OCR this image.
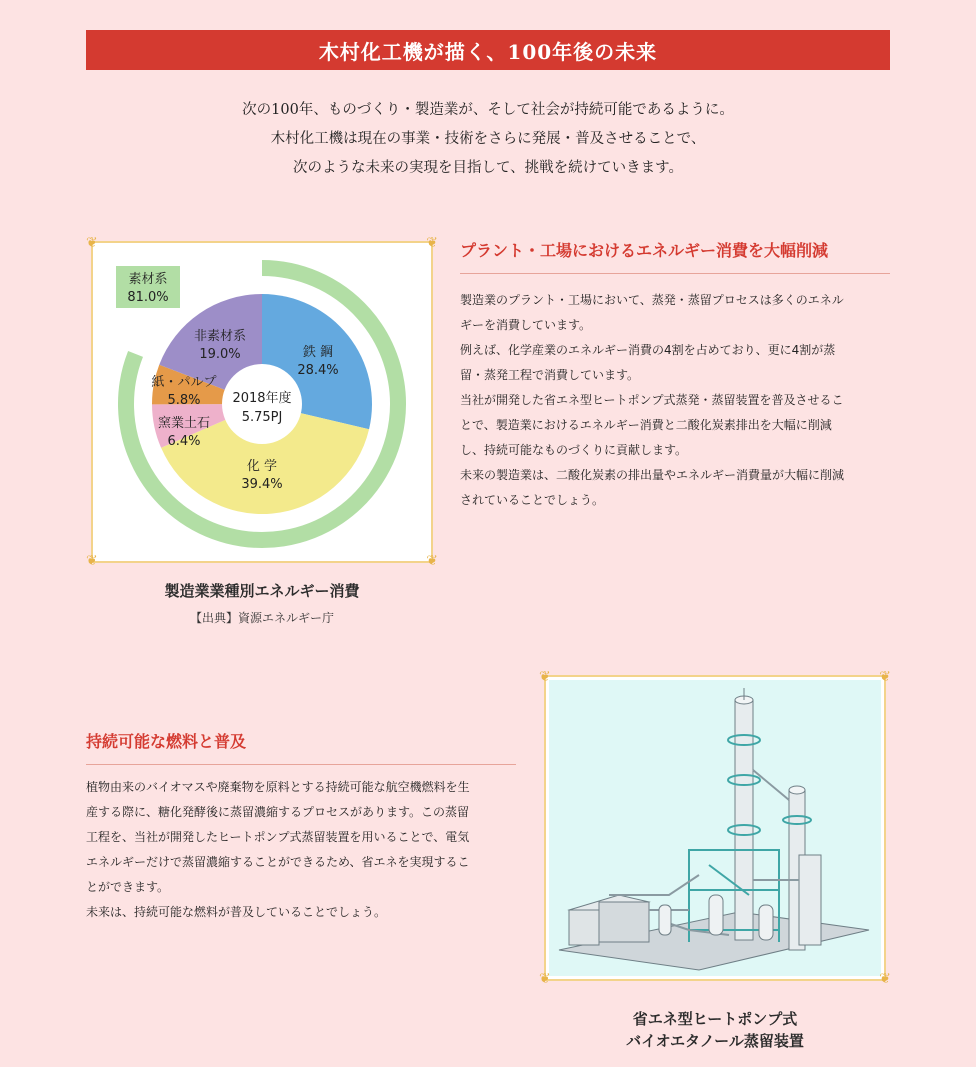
木村化工機が描く、100年後の未来
次の100年、ものづくり・製造業が、そして社会が持続可能であるように。
木村化工機は現在の事業・技術をさらに発展・普及させることで、
次のような未来の実現を目指して、挑戦を続けていきます。
❦	❦
❦	❦
素材系
81.0%
2018年度
5.75PJ
鉄 鋼
28.4%
化 学
39.4%
窯業土石
6.4%
紙・パルプ
5.8%
非素材系
19.0%
製造業業種別エネルギー消費
【出典】資源エネルギー庁
プラント・工場におけるエネルギー消費を大幅削減
製造業のプラント・工場において、蒸発・蒸留プロセスは多くのエネル
ギーを消費しています。
例えば、化学産業のエネルギー消費の4割を占めており、更に4割が蒸
留・蒸発工程で消費しています。
当社が開発した省エネ型ヒートポンプ式蒸発・蒸留装置を普及させるこ
とで、製造業におけるエネルギー消費と二酸化炭素排出を大幅に削減
し、持続可能なものづくりに貢献します。
未来の製造業は、二酸化炭素の排出量やエネルギー消費量が大幅に削減
されていることでしょう。
持続可能な燃料と普及
植物由来のバイオマスや廃棄物を原料とする持続可能な航空機燃料を生
産する際に、糖化発酵後に蒸留濃縮するプロセスがあります。この蒸留
工程を、当社が開発したヒートポンプ式蒸留装置を用いることで、電気
エネルギーだけで蒸留濃縮することができるため、省エネを実現するこ
とができます。
未来は、持続可能な燃料が普及していることでしょう。
❦	❦
❦	❦
省エネ型ヒートポンプ式
バイオエタノール蒸留装置
